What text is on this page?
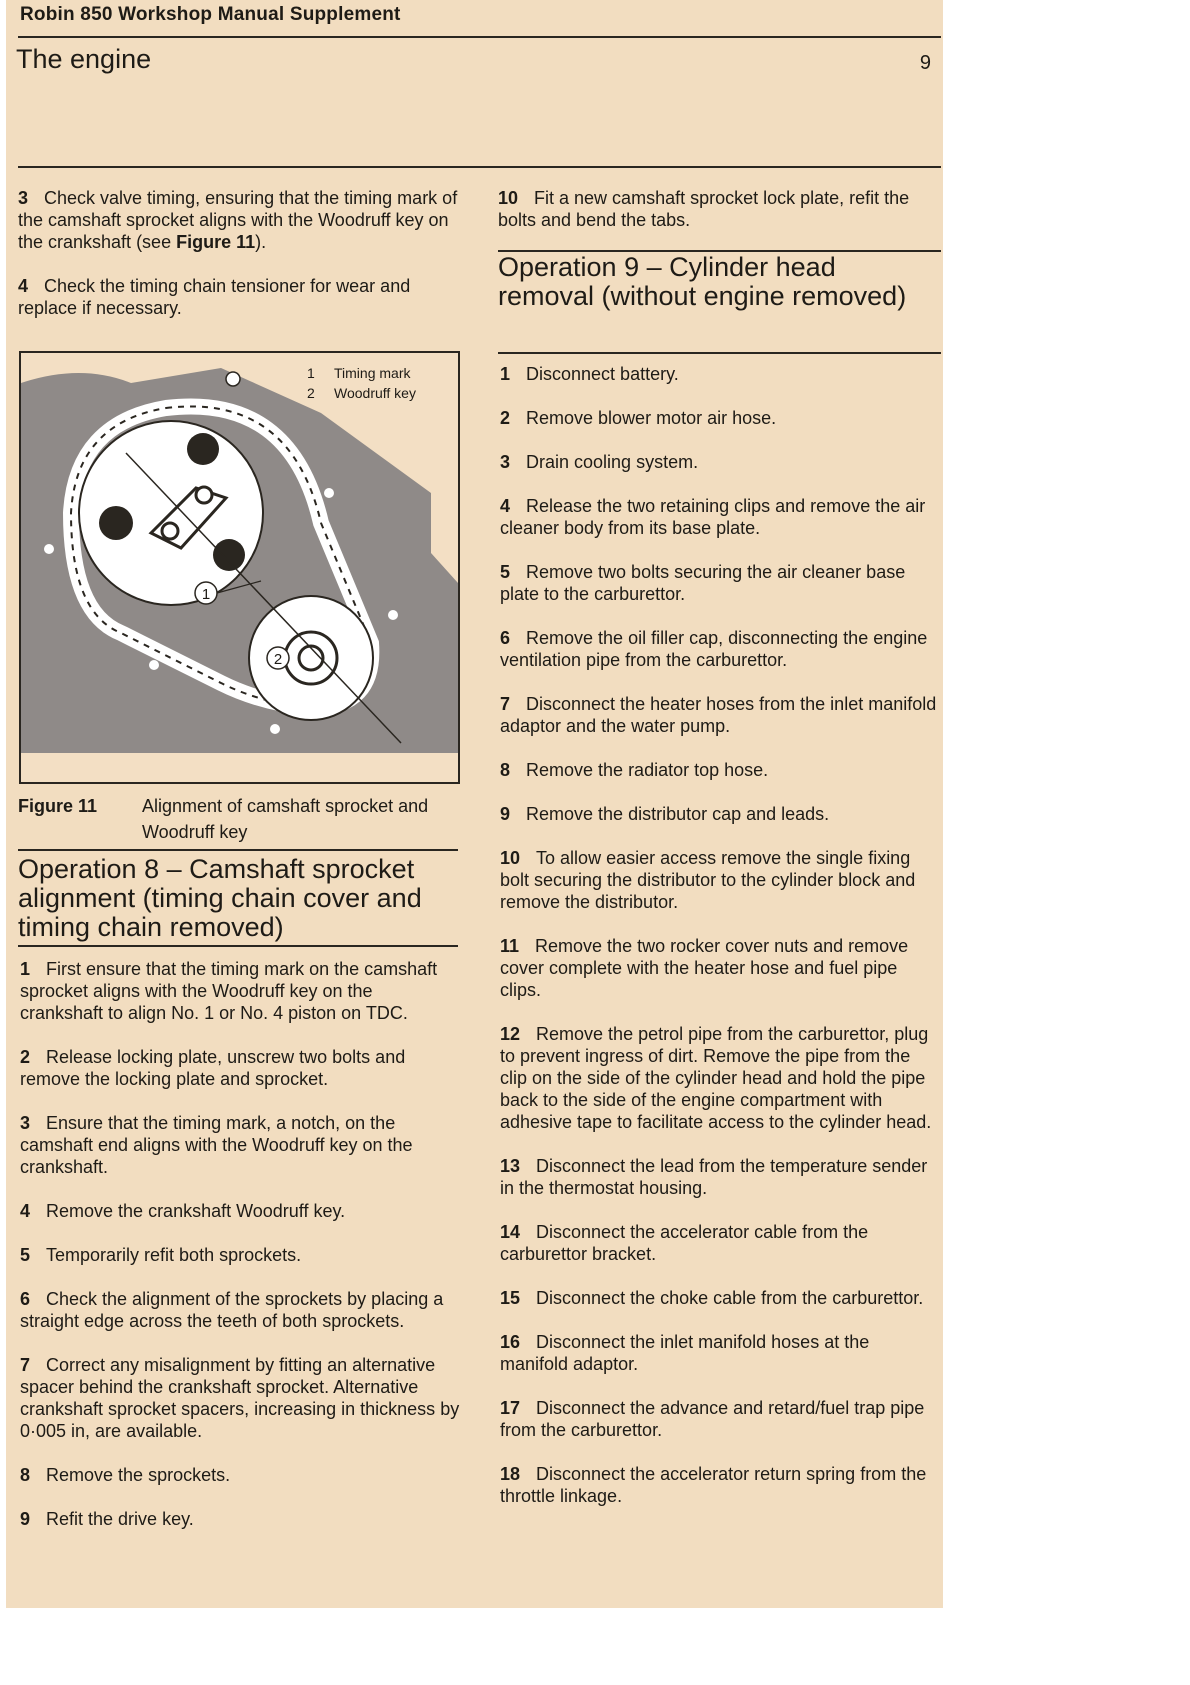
Robin 850 Workshop Manual Supplement
The engine	9

3 Check valve timing, ensuring that the timing mark of the camshaft sprocket aligns with the Woodruff key on the crankshaft (see Figure 11).

4 Check the timing chain tensioner for wear and replace if necessary.

1
2
1 Timing mark
2 Woodruff key
Figure 11 Alignment of camshaft sprocket and Woodruff key

Operation 8 – Camshaft sprocket alignment (timing chain cover and timing chain removed)

1 First ensure that the timing mark on the camshaft sprocket aligns with the Woodruff key on the crankshaft to align No. 1 or No. 4 piston on TDC.

2 Release locking plate, unscrew two bolts and remove the locking plate and sprocket.

3 Ensure that the timing mark, a notch, on the camshaft end aligns with the Woodruff key on the crankshaft.

4 Remove the crankshaft Woodruff key.

5 Temporarily refit both sprockets.

6 Check the alignment of the sprockets by placing a straight edge across the teeth of both sprockets.

7 Correct any misalignment by fitting an alternative spacer behind the crankshaft sprocket. Alternative crankshaft sprocket spacers, increasing in thickness by 0·005 in, are available.

8 Remove the sprockets.

9 Refit the drive key.

10 Fit a new camshaft sprocket lock plate, refit the bolts and bend the tabs.

Operation 9 – Cylinder head removal (without engine removed)

1 Disconnect battery.

2 Remove blower motor air hose.

3 Drain cooling system.

4 Release the two retaining clips and remove the air cleaner body from its base plate.

5 Remove two bolts securing the air cleaner base plate to the carburettor.

6 Remove the oil filler cap, disconnecting the engine ventilation pipe from the carburettor.

7 Disconnect the heater hoses from the inlet manifold adaptor and the water pump.

8 Remove the radiator top hose.

9 Remove the distributor cap and leads.

10 To allow easier access remove the single fixing bolt securing the distributor to the cylinder block and remove the distributor.

11 Remove the two rocker cover nuts and remove cover complete with the heater hose and fuel pipe clips.

12 Remove the petrol pipe from the carburettor, plug to prevent ingress of dirt. Remove the pipe from the clip on the side of the cylinder head and hold the pipe back to the side of the engine compartment with adhesive tape to facilitate access to the cylinder head.

13 Disconnect the lead from the temperature sender in the thermostat housing.

14 Disconnect the accelerator cable from the carburettor bracket.

15 Disconnect the choke cable from the carburettor.

16 Disconnect the inlet manifold hoses at the manifold adaptor.

17 Disconnect the advance and retard/fuel trap pipe from the carburettor.

18 Disconnect the accelerator return spring from the throttle linkage.
